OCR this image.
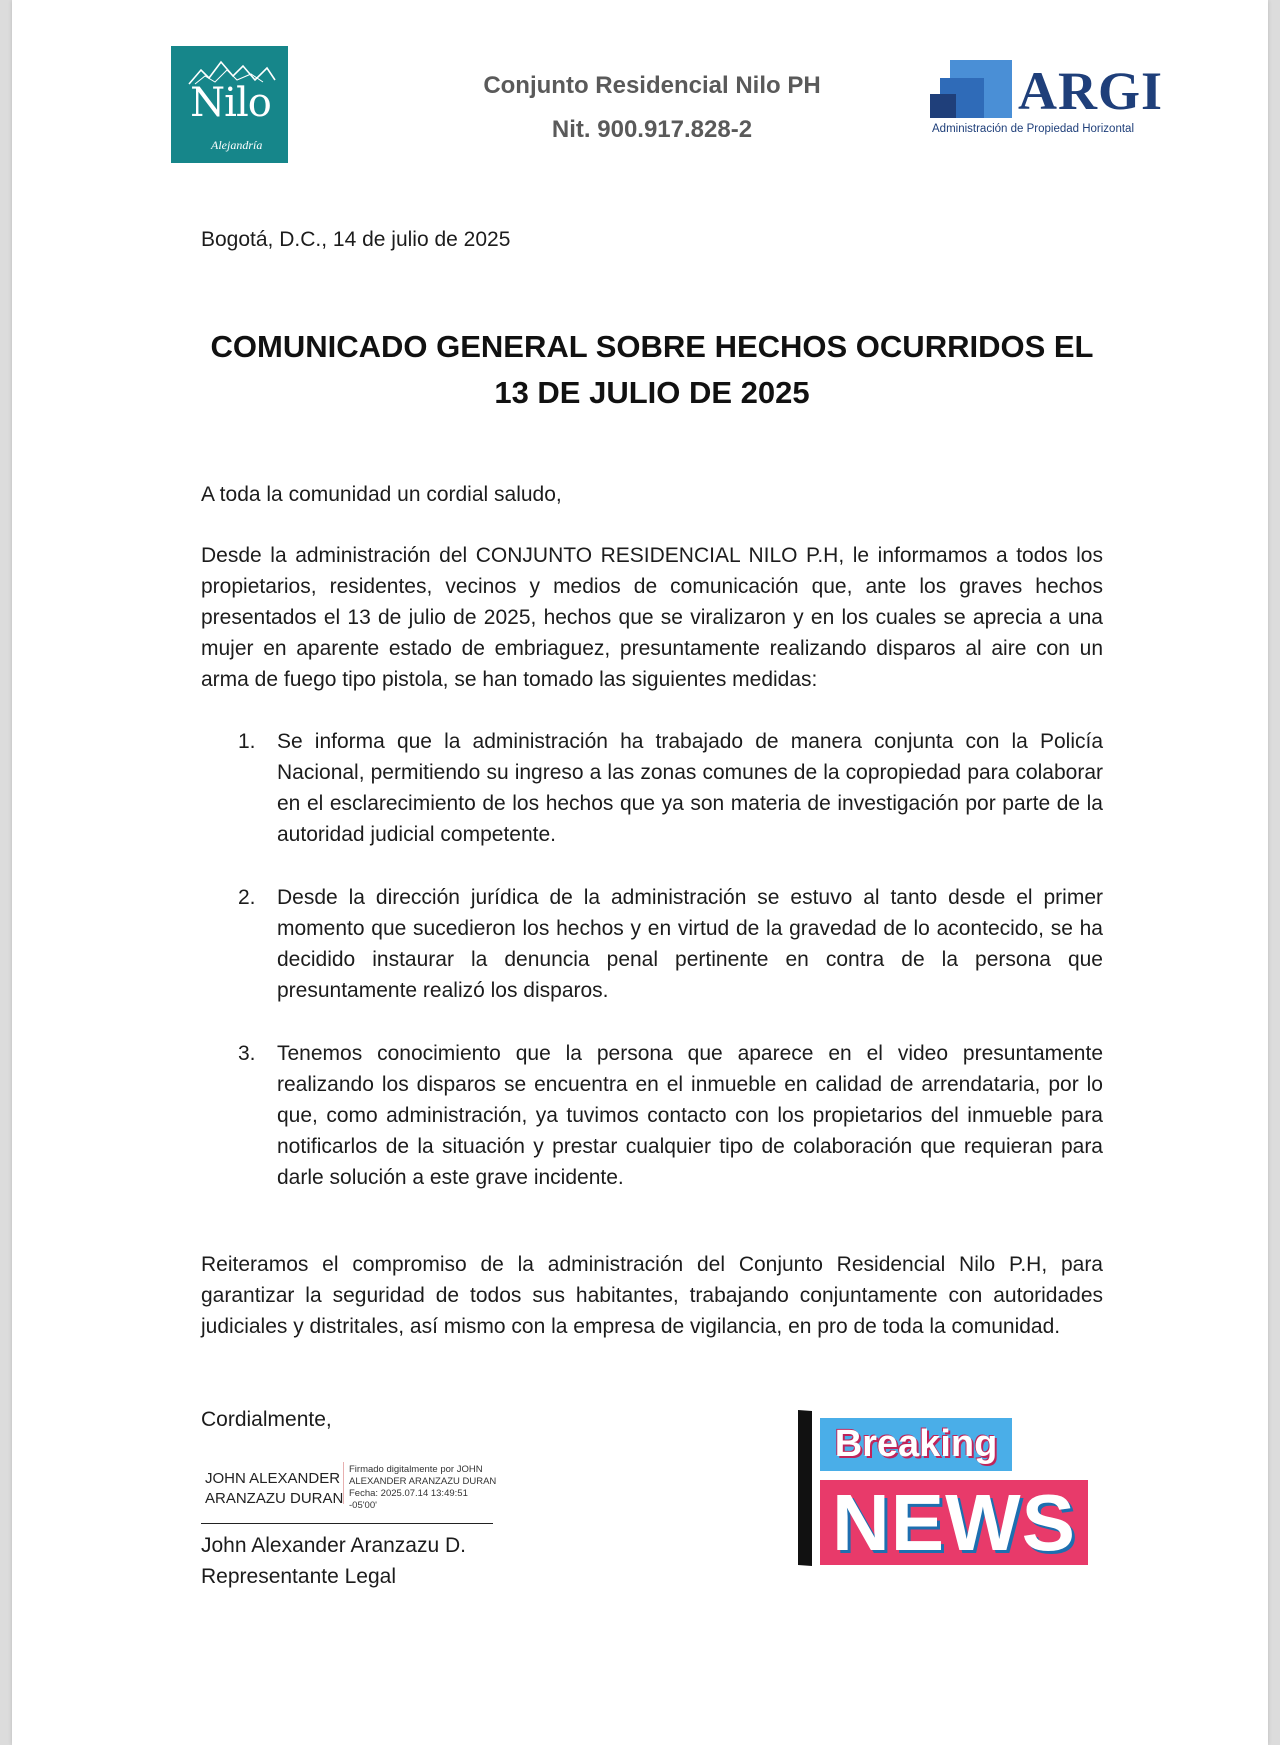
Nilo
Alejandría
Conjunto Residencial Nilo PH
Nit. 900.917.828-2
ARGI
Administración de Propiedad Horizontal
Bogotá, D.C., 14 de julio de 2025
COMUNICADO GENERAL SOBRE HECHOS OCURRIDOS EL
13 DE JULIO DE 2025
A toda la comunidad un cordial saludo,
Desde la administración del CONJUNTO RESIDENCIAL NILO P.H, le informamos a todos los propietarios, residentes, vecinos y medios de comunicación que, ante los graves hechos presentados el 13 de julio de 2025, hechos que se viralizaron y en los cuales se aprecia a una mujer en aparente estado de embriaguez, presuntamente realizando disparos al aire con un arma de fuego tipo pistola, se han tomado las siguientes medidas:
1. Se informa que la administración ha trabajado de manera conjunta con la Policía Nacional, permitiendo su ingreso a las zonas comunes de la copropiedad para colaborar en el esclarecimiento de los hechos que ya son materia de investigación por parte de la autoridad judicial competente.
2. Desde la dirección jurídica de la administración se estuvo al tanto desde el primer momento que sucedieron los hechos y en virtud de la gravedad de lo acontecido, se ha decidido instaurar la denuncia penal pertinente en contra de la persona que presuntamente realizó los disparos.
3. Tenemos conocimiento que la persona que aparece en el video presuntamente realizando los disparos se encuentra en el inmueble en calidad de arrendataria, por lo que, como administración, ya tuvimos contacto con los propietarios del inmueble para notificarlos de la situación y prestar cualquier tipo de colaboración que requieran para darle solución a este grave incidente.
Reiteramos el compromiso de la administración del Conjunto Residencial Nilo P.H, para garantizar la seguridad de todos sus habitantes, trabajando conjuntamente con autoridades judiciales y distritales, así mismo con la empresa de vigilancia, en pro de toda la comunidad.
Cordialmente,
JOHN ALEXANDER
ARANZAZU DURAN
Firmado digitalmente por JOHN
ALEXANDER ARANZAZU DURAN
Fecha: 2025.07.14 13:49:51
-05'00'
John Alexander Aranzazu D.
Representante Legal
Breaking
NEWS
